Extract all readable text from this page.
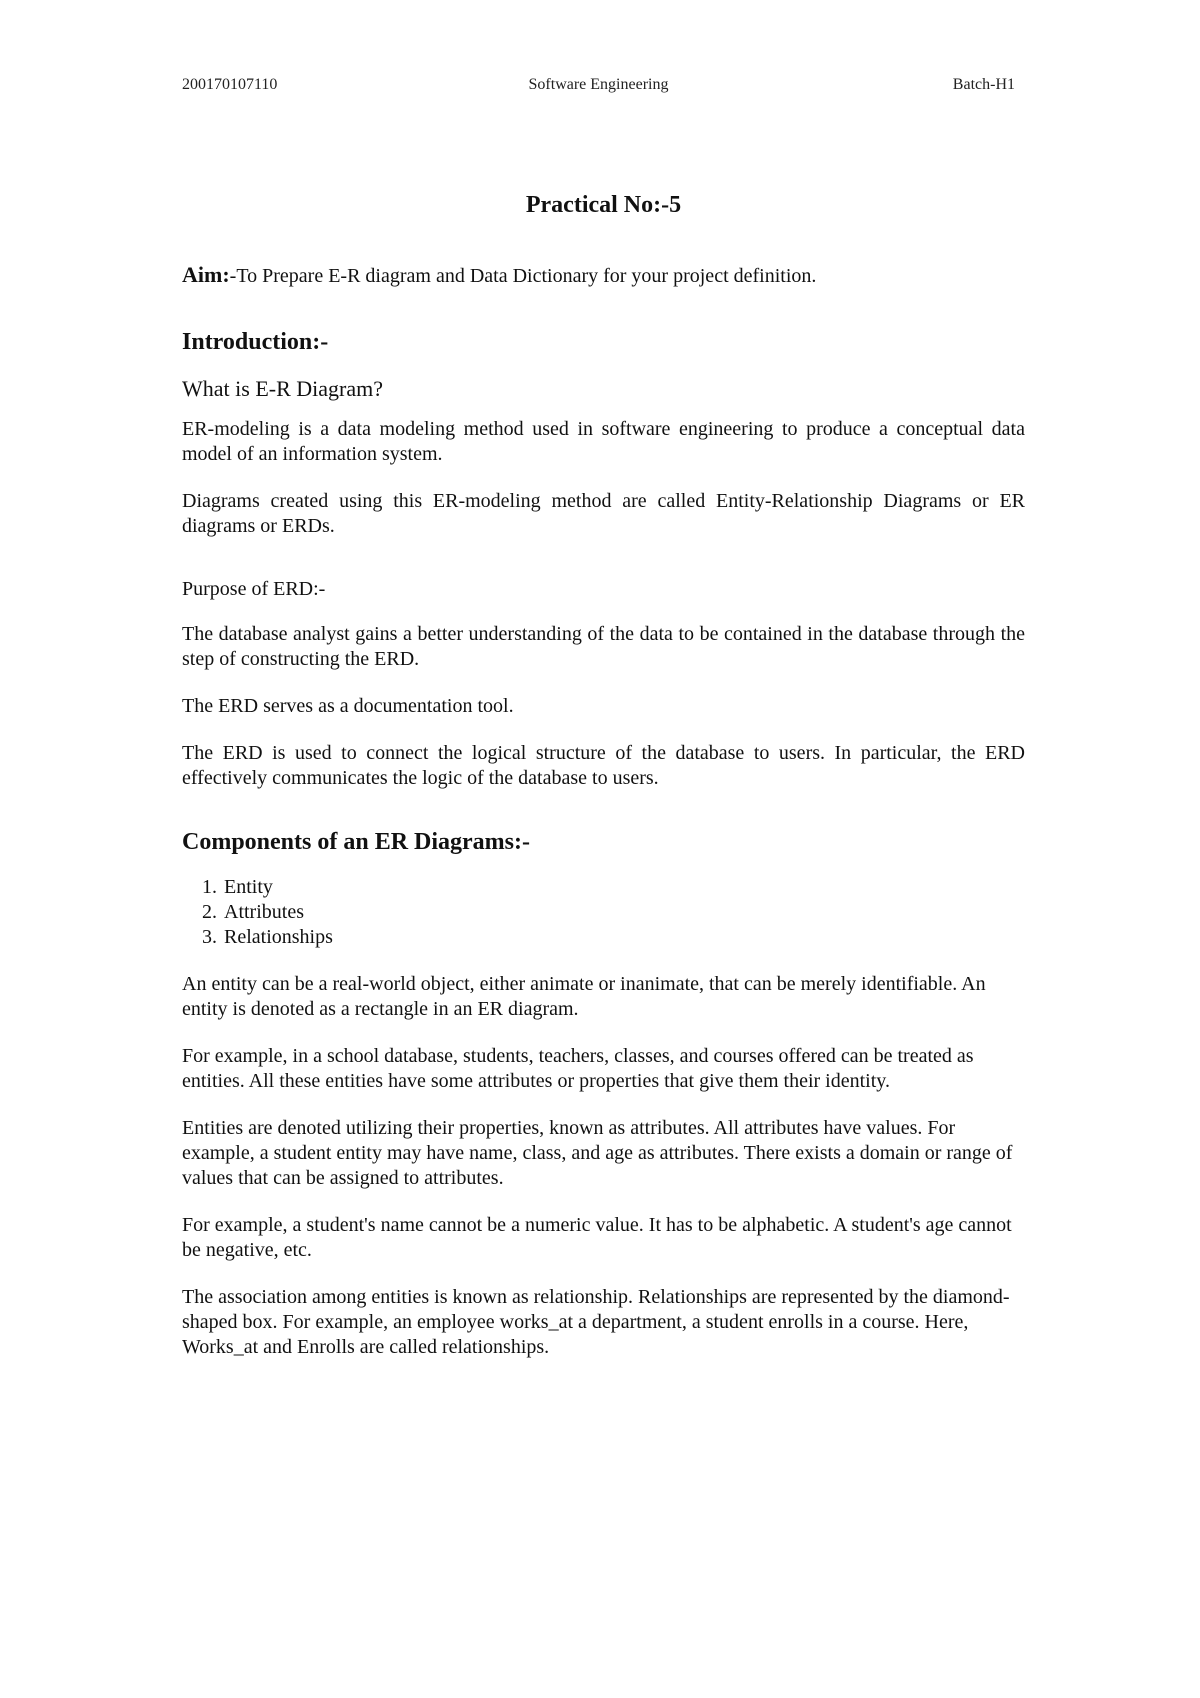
200170107110	Software Engineering	Batch-H1
Practical No:-5
Aim:-To Prepare E-R diagram and Data Dictionary for your project definition.
Introduction:-
What is E-R Diagram?

ER-modeling is a data modeling method used in software engineering to produce a conceptual data model of an information system.

Diagrams created using this ER-modeling method are called Entity-Relationship Diagrams or ER diagrams or ERDs.

Purpose of ERD:-

The database analyst gains a better understanding of the data to be contained in the database through the step of constructing the ERD.

The ERD serves as a documentation tool.

The ERD is used to connect the logical structure of the database to users. In particular, the ERD effectively communicates the logic of the database to users.

Components of an ER Diagrams:-
1. Entity
2. Attributes
3. Relationships

An entity can be a real-world object, either animate or inanimate, that can be merely identifiable. An entity is denoted as a rectangle in an ER diagram.

For example, in a school database, students, teachers, classes, and courses offered can be treated as entities. All these entities have some attributes or properties that give them their identity.

Entities are denoted utilizing their properties, known as attributes. All attributes have values. For example, a student entity may have name, class, and age as attributes. There exists a domain or range of values that can be assigned to attributes.

For example, a student's name cannot be a numeric value. It has to be alphabetic. A student's age cannot be negative, etc.

The association among entities is known as relationship. Relationships are represented by the diamond-shaped box. For example, an employee works_at a department, a student enrolls in a course. Here, Works_at and Enrolls are called relationships.
